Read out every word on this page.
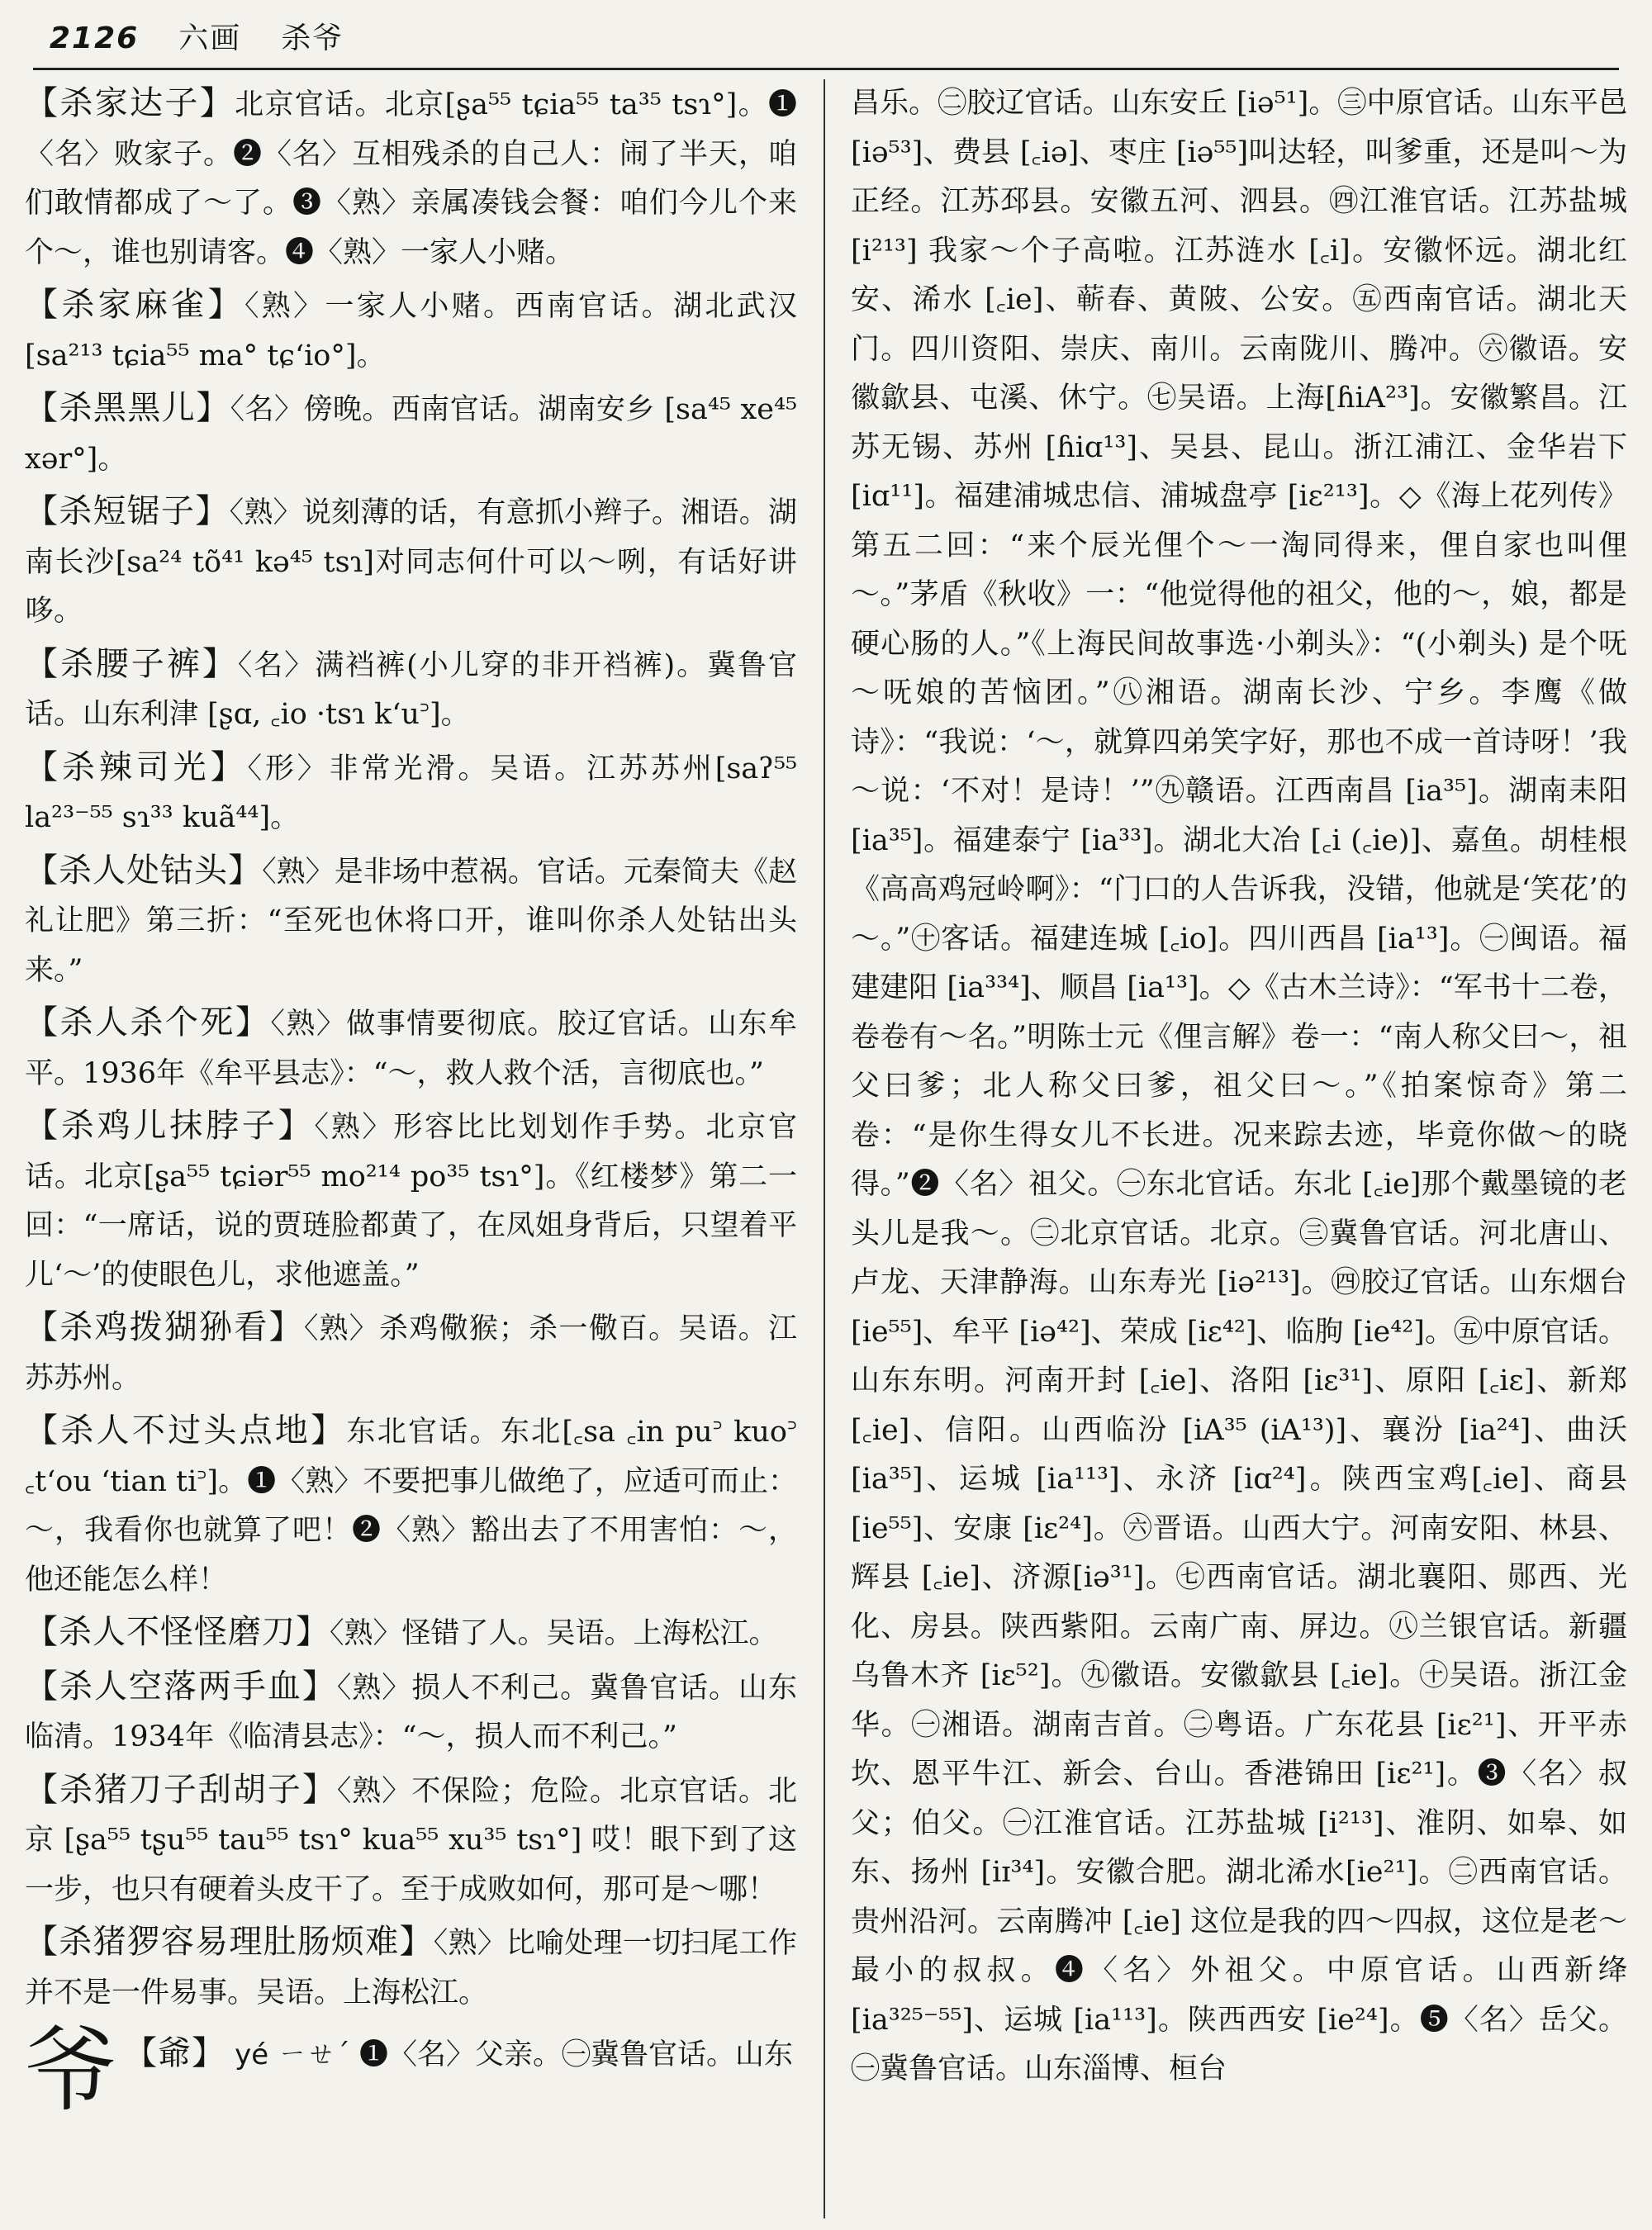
2126 六画 杀爷

【杀家达子】北京官话。北京[ʂa⁵⁵ tɕia⁵⁵ ta³⁵ tsɿ°]。❶〈名〉败家子。❷〈名〉互相残杀的自己人：闹了半天，咱们敢情都成了～了。❸〈熟〉亲属凑钱会餐：咱们今儿个来个～，谁也别请客。❹〈熟〉一家人小赌。

【杀家麻雀】〈熟〉一家人小赌。西南官话。湖北武汉[sa²¹³ tɕia⁵⁵ ma° tɕ‘io°]。

【杀黑黑儿】〈名〉傍晚。西南官话。湖南安乡 [sa⁴⁵ xe⁴⁵ xər°]。

【杀短锯子】〈熟〉说刻薄的话，有意抓小辫子。湘语。湖南长沙[sa²⁴ tõ⁴¹ kə⁴⁵ tsɿ]对同志何什可以～咧，有话好讲哆。

【杀腰子裤】〈名〉满裆裤(小儿穿的非开裆裤)。冀鲁官话。山东利津 [ʂɑ, ꜀io ·tsɿ k‘u꜄]。

【杀辣司光】〈形〉非常光滑。吴语。江苏苏州[saʔ⁵⁵ la²³⁻⁵⁵ sɿ³³ kuã⁴⁴]。

【杀人处钴头】〈熟〉是非场中惹祸。官话。元秦简夫《赵礼让肥》第三折：“至死也休将口开，谁叫你杀人处钴出头来。”

【杀人杀个死】〈熟〉做事情要彻底。胶辽官话。山东牟平。1936年《牟平县志》：“～，救人救个活，言彻底也。”

【杀鸡儿抹脖子】〈熟〉形容比比划划作手势。北京官话。北京[ʂa⁵⁵ tɕiər⁵⁵ mo²¹⁴ po³⁵ tsɿ°]。《红楼梦》第二一回：“一席话，说的贾琏脸都黄了，在凤姐身背后，只望着平儿‘～’的使眼色儿，求他遮盖。”

【杀鸡拨猢狲看】〈熟〉杀鸡儆猴；杀一儆百。吴语。江苏苏州。

【杀人不过头点地】东北官话。东北[꜀sa ꜀in pu꜄ kuo꜄ ꜀t‘ou ‘tian ti꜄]。❶〈熟〉不要把事儿做绝了，应适可而止：～，我看你也就算了吧！❷〈熟〉豁出去了不用害怕：～，他还能怎么样！

【杀人不怪怪磨刀】〈熟〉怪错了人。吴语。上海松江。

【杀人空落两手血】〈熟〉损人不利己。冀鲁官话。山东临清。1934年《临清县志》：“～，损人而不利己。”

【杀猪刀子刮胡子】〈熟〉不保险；危险。北京官话。北京 [ʂa⁵⁵ tʂu⁵⁵ tau⁵⁵ tsɿ° kua⁵⁵ xu³⁵ tsɿ°] 哎！眼下到了这一步，也只有硬着头皮干了。至于成败如何，那可是～哪！

【杀猪猡容易理肚肠烦难】〈熟〉比喻处理一切扫尾工作并不是一件易事。吴语。上海松江。

爷 【爺】 yé ㄧㄝˊ ❶〈名〉父亲。㊀冀鲁官话。山东

昌乐。㊁胶辽官话。山东安丘 [iə⁵¹]。㊂中原官话。山东平邑 [iə⁵³]、费县 [꜀iə]、枣庄 [iə⁵⁵]叫达轻，叫爹重，还是叫～为正经。江苏邳县。安徽五河、泗县。㊃江淮官话。江苏盐城 [i²¹³] 我家～个子高啦。江苏涟水 [꜀i]。安徽怀远。湖北红安、浠水 [꜀ie]、蕲春、黄陂、公安。㊄西南官话。湖北天门。四川资阳、崇庆、南川。云南陇川、腾冲。㊅徽语。安徽歙县、屯溪、休宁。㊆吴语。上海[ɦiA²³]。安徽繁昌。江苏无锡、苏州 [ɦiɑ¹³]、吴县、昆山。浙江浦江、金华岩下 [iɑ¹¹]。福建浦城忠信、浦城盘亭 [iɛ²¹³]。◇《海上花列传》第五二回：“来个辰光俚个～一淘同得来，俚自家也叫俚～。”茅盾《秋收》一：“他觉得他的祖父，他的～，娘，都是硬心肠的人。”《上海民间故事选·小剃头》：“(小剃头) 是个呒～呒娘的苦恼团。”㊇湘语。湖南长沙、宁乡。李鹰《做诗》：“我说：‘～，就算四弟笑字好，那也不成一首诗呀！’我～说：‘不对！是诗！’”㊈赣语。江西南昌 [ia³⁵]。湖南耒阳 [ia³⁵]。福建泰宁 [ia³³]。湖北大冶 [꜀i (꜀ie)]、嘉鱼。胡桂根《高高鸡冠岭啊》：“门口的人告诉我，没错，他就是‘笑花’的～。”㊉客话。福建连城 [꜀io]。四川西昌 [ia¹³]。㊀闽语。福建建阳 [ia³³⁴]、顺昌 [ia¹³]。◇《古木兰诗》：“军书十二卷，卷卷有～名。”明陈士元《俚言解》卷一：“南人称父曰～，祖父曰爹；北人称父曰爹，祖父曰～。”《拍案惊奇》第二卷：“是你生得女儿不长进。况来踪去迹，毕竟你做～的晓得。”❷〈名〉祖父。㊀东北官话。东北 [꜀ie]那个戴墨镜的老头儿是我～。㊁北京官话。北京。㊂冀鲁官话。河北唐山、卢龙、天津静海。山东寿光 [iə²¹³]。㊃胶辽官话。山东烟台 [ie⁵⁵]、牟平 [iə⁴²]、荣成 [iɛ⁴²]、临朐 [ie⁴²]。㊄中原官话。山东东明。河南开封 [꜀ie]、洛阳 [iɛ³¹]、原阳 [꜀iɛ]、新郑 [꜀ie]、信阳。山西临汾 [iA³⁵ (iA¹³)]、襄汾 [ia²⁴]、曲沃 [ia³⁵]、运城 [ia¹¹³]、永济 [iɑ²⁴]。陕西宝鸡[꜀ie]、商县 [ie⁵⁵]、安康 [iɛ²⁴]。㊅晋语。山西大宁。河南安阳、林县、辉县 [꜀ie]、济源[iə³¹]。㊆西南官话。湖北襄阳、郧西、光化、房县。陕西紫阳。云南广南、屏边。㊇兰银官话。新疆乌鲁木齐 [iɛ⁵²]。㊈徽语。安徽歙县 [꜀ie]。㊉吴语。浙江金华。㊀湘语。湖南吉首。㊁粤语。广东花县 [iɛ²¹]、开平赤坎、恩平牛江、新会、台山。香港锦田 [iɛ²¹]。❸〈名〉叔父；伯父。㊀江淮官话。江苏盐城 [i²¹³]、淮阴、如皋、如东、扬州 [iɪ³⁴]。安徽合肥。湖北浠水[ie²¹]。㊁西南官话。贵州沿河。云南腾冲 [꜀ie] 这位是我的四～四叔，这位是老～最小的叔叔。❹〈名〉外祖父。中原官话。山西新绛 [ia³²⁵⁻⁵⁵]、运城 [ia¹¹³]。陕西西安 [ie²⁴]。❺〈名〉岳父。㊀冀鲁官话。山东淄博、桓台
